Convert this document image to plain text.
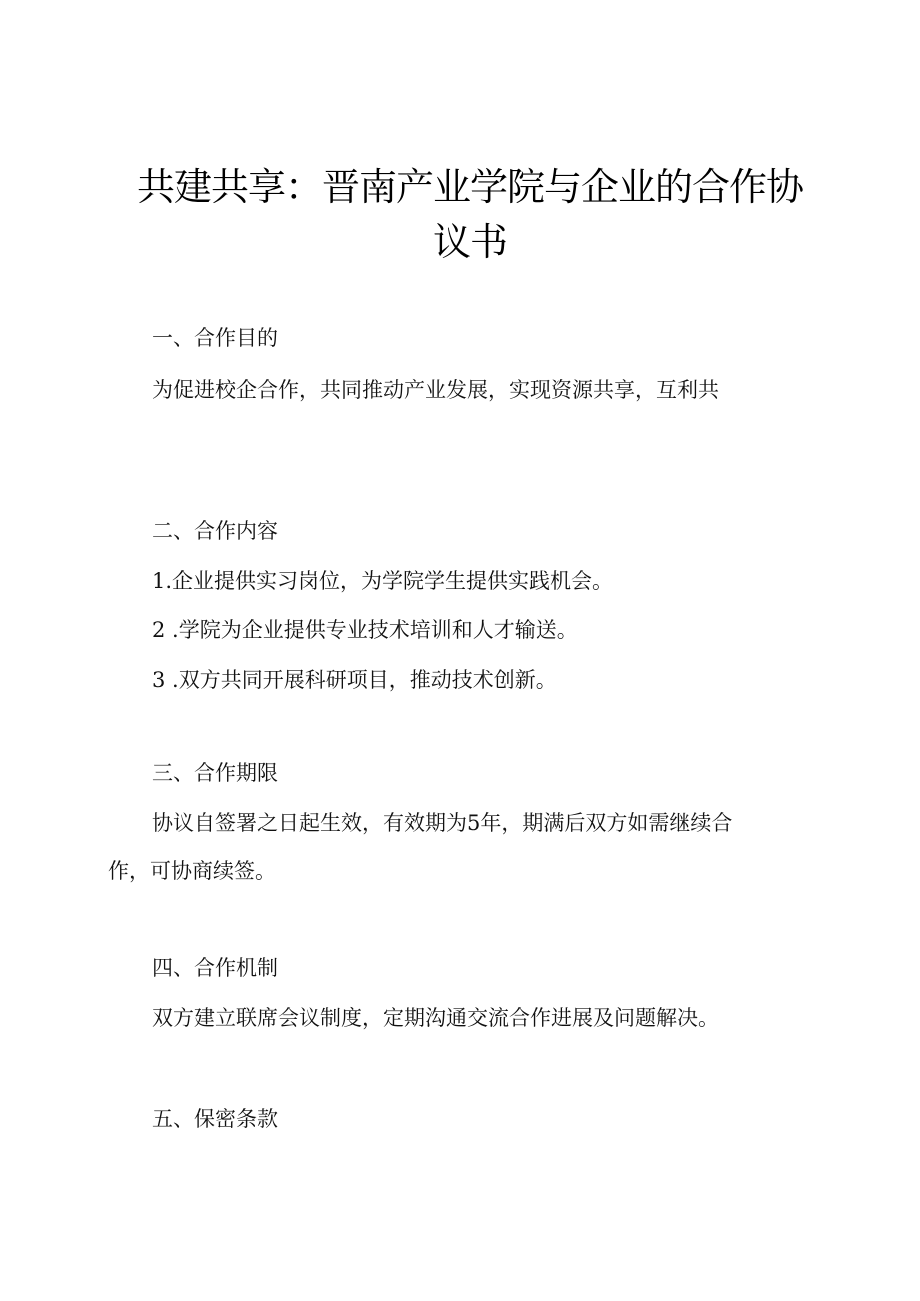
共建共享：晋南产业学院与企业的合作协
议书
一、合作目的
为促进校企合作，共同推动产业发展，实现资源共享，互利共
二、合作内容
1.企业提供实习岗位，为学院学生提供实践机会。
2 .学院为企业提供专业技术培训和人才输送。
3 .双方共同开展科研项目，推动技术创新。
三、合作期限
协议自签署之日起生效，有效期为5年，期满后双方如需继续合
作，可协商续签。
四、合作机制
双方建立联席会议制度，定期沟通交流合作进展及问题解决。
五、保密条款
